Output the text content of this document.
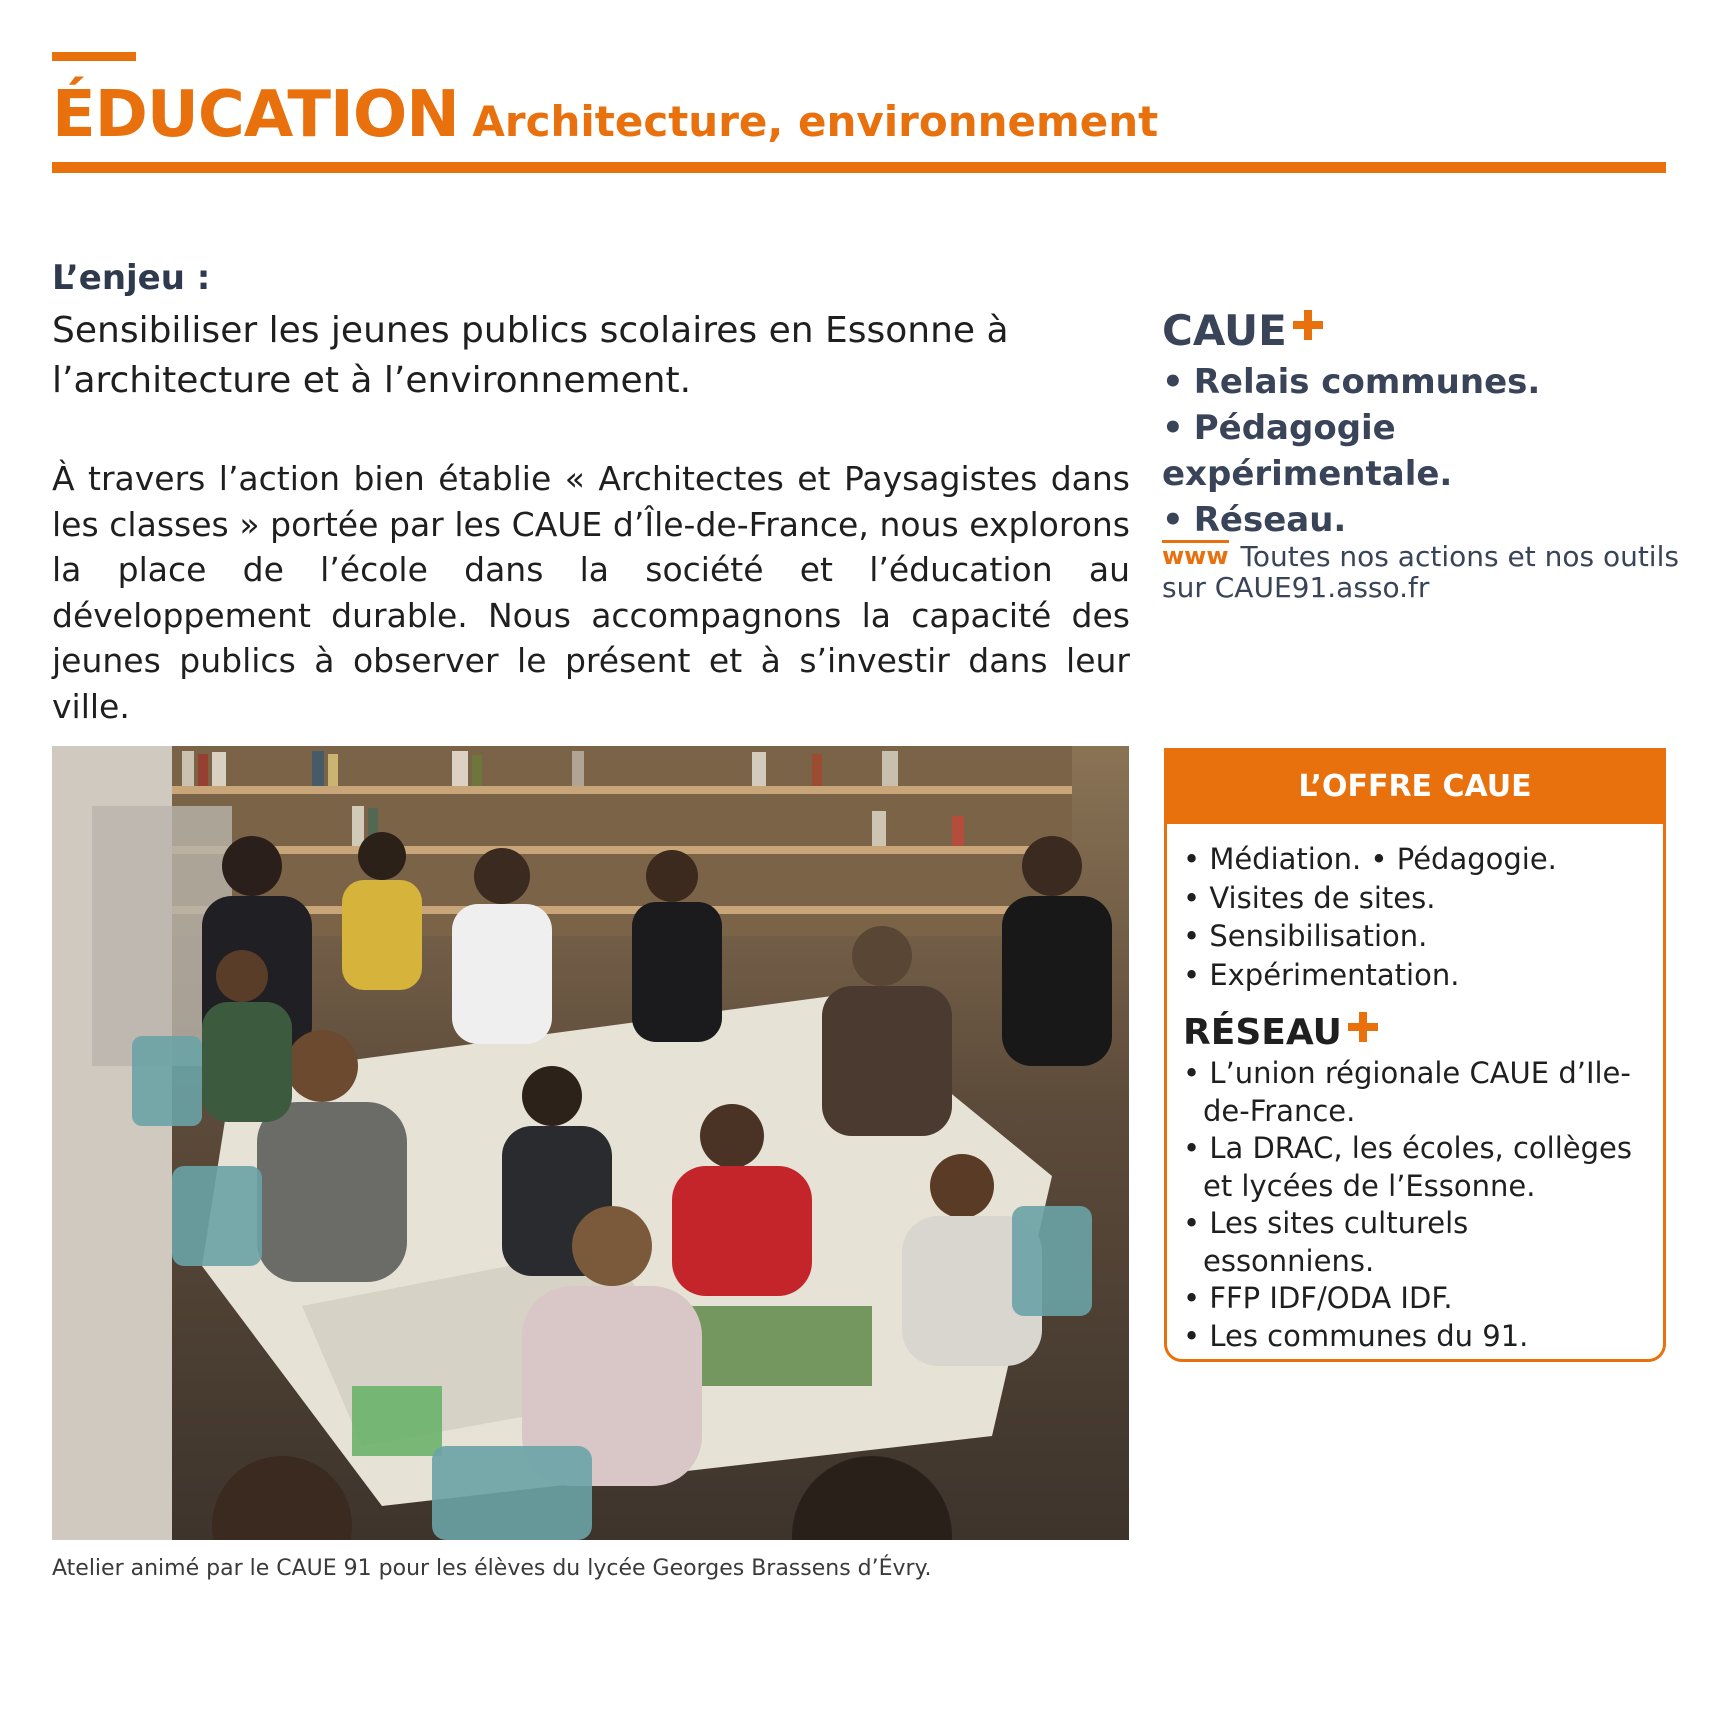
ÉDUCATION Architecture, environnement
L’enjeu :
Sensibiliser les jeunes publics scolaires en Essonne à l’architecture et à l’environnement.
À travers l’action bien établie « Architectes et Paysagistes dans les classes » portée par les CAUE d’Île-de-France, nous explorons la place de l’école dans la société et l’éducation au développement durable. Nous accompagnons la capacité des jeunes publics à observer le présent et à s’investir dans leur ville.
CAUE
• Relais communes.
• Pédagogie expérimentale.
• Réseau.
www Toutes nos actions et nos outils sur CAUE91.asso.fr
Atelier animé par le CAUE 91 pour les élèves du lycée Georges Brassens d’Évry.
L’OFFRE CAUE
• Médiation. • Pédagogie.
• Visites de sites.
• Sensibilisation.
• Expérimentation.
RÉSEAU
• L’union régionale CAUE d’Ile-de-France.
• La DRAC, les écoles, collèges et lycées de l’Essonne.
• Les sites culturels essonniens.
• FFP IDF/ODA IDF.
• Les communes du 91.
